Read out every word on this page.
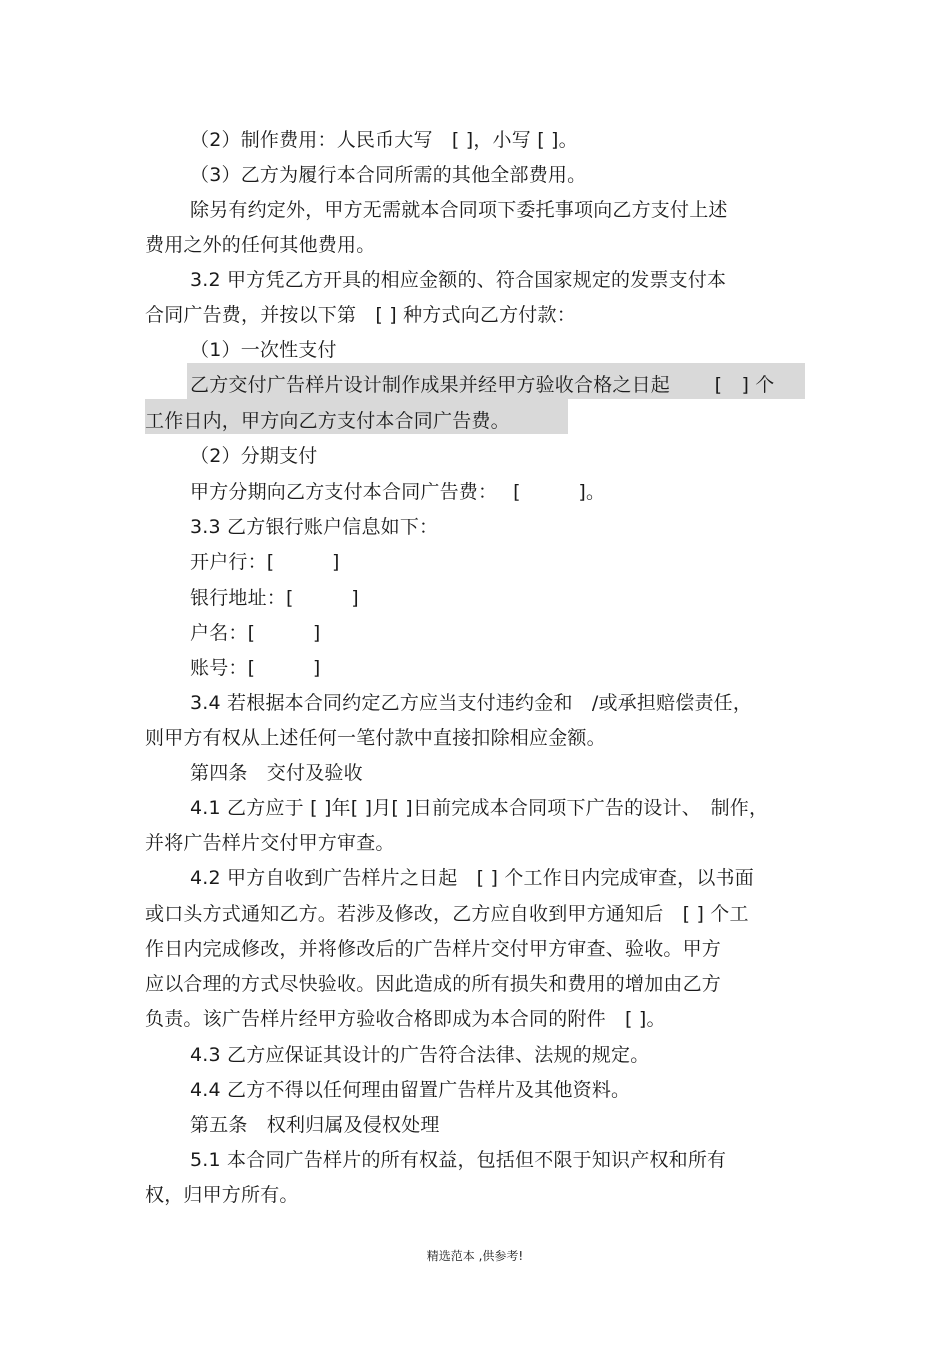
（2）制作费用：人民币大写　[ ]，小写 [ ]。
（3）乙方为履行本合同所需的其他全部费用。
除另有约定外，甲方无需就本合同项下委托事项向乙方支付上述
费用之外的任何其他费用。
3.2 甲方凭乙方开具的相应金额的、符合国家规定的发票支付本
合同广告费，并按以下第　[ ] 种方式向乙方付款：
（1）一次性支付
乙方交付广告样片设计制作成果并经甲方验收合格之日起　　 [　] 个
工作日内，甲方向乙方支付本合同广告费。
（2）分期支付
甲方分期向乙方支付本合同广告费：　 [　　　]。
3.3 乙方银行账户信息如下：
开户行：[　　　]
银行地址：[　　　]
户名：[　　　]
账号：[　　　]
3.4 若根据本合同约定乙方应当支付违约金和　/或承担赔偿责任，
则甲方有权从上述任何一笔付款中直接扣除相应金额。
第四条　交付及验收
4.1 乙方应于 [ ]年[ ]月[ ]日前完成本合同项下广告的设计、　制作，
并将广告样片交付甲方审查。
4.2 甲方自收到广告样片之日起　[ ] 个工作日内完成审查，以书面
或口头方式通知乙方。若涉及修改，乙方应自收到甲方通知后　[ ] 个工
作日内完成修改，并将修改后的广告样片交付甲方审查、验收。甲方
应以合理的方式尽快验收。因此造成的所有损失和费用的增加由乙方
负责。该广告样片经甲方验收合格即成为本合同的附件　[ ]。
4.3 乙方应保证其设计的广告符合法律、法规的规定。
4.4 乙方不得以任何理由留置广告样片及其他资料。
第五条　权利归属及侵权处理
5.1 本合同广告样片的所有权益，包括但不限于知识产权和所有
权，归甲方所有。
精选范本 ,供参考!
